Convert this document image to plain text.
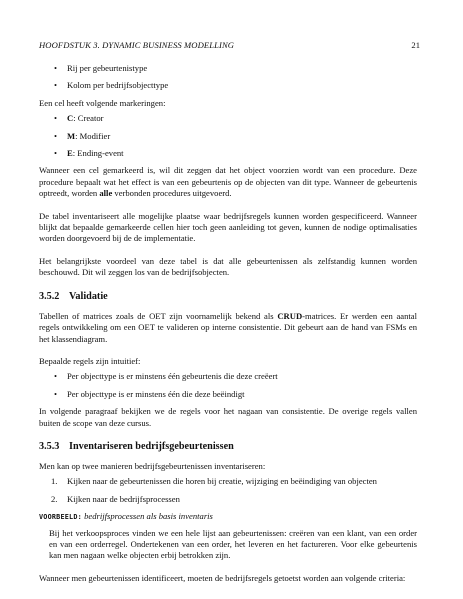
HOOFDSTUK 3. DYNAMIC BUSINESS MODELLING	21
• Rij per gebeurtenistype
• Kolom per bedrijfsobjecttype

Een cel heeft volgende markeringen:

• C: Creator
• M: Modifier
• E: Ending-event

Wanneer een cel gemarkeerd is, wil dit zeggen dat het object voorzien wordt van een procedure. Deze procedure bepaalt wat het effect is van een gebeurtenis op de objecten van dit type. Wanneer de gebeurtenis optreedt, worden alle verbonden procedures uitgevoerd.

De tabel inventariseert alle mogelijke plaatse waar bedrijfsregels kunnen worden gespecificeerd. Wanneer blijkt dat bepaalde gemarkeerde cellen hier toch geen aanleiding tot geven, kunnen de nodige optimalisaties worden doorgevoerd bij de de implementatie.

Het belangrijkste voordeel van deze tabel is dat alle gebeurtenissen als zelfstandig kunnen worden beschouwd. Dit wil zeggen los van de bedrijfsobjecten.

3.5.2 Validatie

Tabellen of matrices zoals de OET zijn voornamelijk bekend als CRUD-matrices. Er werden een aantal regels ontwikkeling om een OET te valideren op interne consistentie. Dit gebeurt aan de hand van FSMs en het klassendiagram.

Bepaalde regels zijn intuitief:

• Per objecttype is er minstens één gebeurtenis die deze creëert
• Per objecttype is er minstens één die deze beëindigt

In volgende paragraaf bekijken we de regels voor het nagaan van consistentie. De overige regels vallen buiten de scope van deze cursus.

3.5.3 Inventariseren bedrijfsgebeurtenissen

Men kan op twee manieren bedrijfsgebeurtenissen inventariseren:

1. Kijken naar de gebeurtenissen die horen bij creatie, wijziging en beëindiging van objecten
2. Kijken naar de bedrijfsprocessen

VOORBEELD: bedrijfsprocessen als basis inventaris

Bij het verkoopsproces vinden we een hele lijst aan gebeurtenissen: creëren van een klant, van een order en van een orderregel. Ondertekenen van een order, het leveren en het factureren. Voor elke gebeurtenis kan men nagaan welke objecten erbij betrokken zijn.

Wanneer men gebeurtenissen identificeert, moeten de bedrijfsregels getoetst worden aan volgende criteria:
